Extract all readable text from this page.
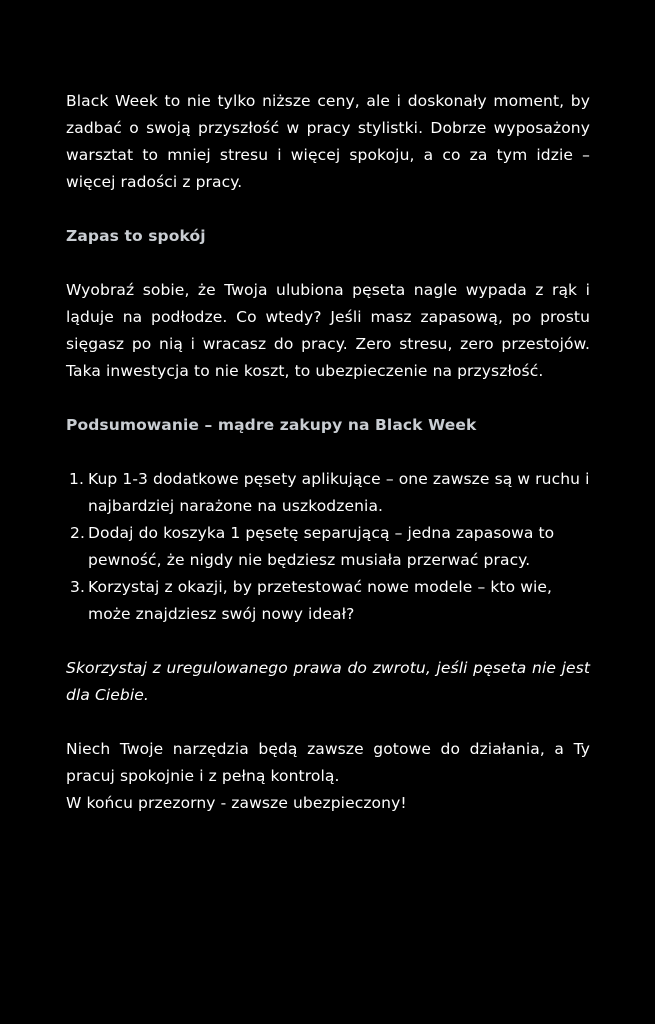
Black Week to nie tylko niższe ceny, ale i doskonały moment, by zadbać o swoją przyszłość w pracy stylistki. Dobrze wyposażony warsztat to mniej stresu i więcej spokoju, a co za tym idzie – więcej radości z pracy.

Zapas to spokój

Wyobraź sobie, że Twoja ulubiona pęseta nagle wypada z rąk i ląduje na podłodze. Co wtedy? Jeśli masz zapasową, po prostu sięgasz po nią i wracasz do pracy. Zero stresu, zero przestojów. Taka inwestycja to nie koszt, to ubezpieczenie na przyszłość.

Podsumowanie – mądre zakupy na Black Week

1. Kup 1-3 dodatkowe pęsety aplikujące – one zawsze są w ruchu i najbardziej narażone na uszkodzenia.
2. Dodaj do koszyka 1 pęsetę separującą – jedna zapasowa to pewność, że nigdy nie będziesz musiała przerwać pracy.
3. Korzystaj z okazji, by przetestować nowe modele – kto wie, może znajdziesz swój nowy ideał?

Skorzystaj z uregulowanego prawa do zwrotu, jeśli pęseta nie jest dla Ciebie.

Niech Twoje narzędzia będą zawsze gotowe do działania, a Ty pracuj spokojnie i z pełną kontrolą.

W końcu przezorny - zawsze ubezpieczony!
